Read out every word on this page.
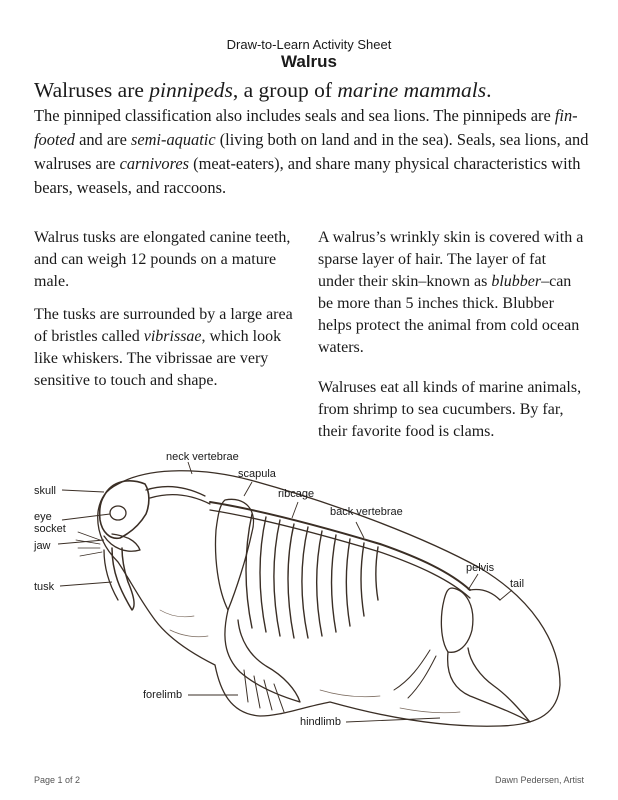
Draw-to-Learn Activity Sheet
Walrus
Walruses are pinnipeds, a group of marine mammals.
The pinniped classification also includes seals and sea lions. The pinnipeds are fin-footed and are semi-aquatic (living both on land and in the sea). Seals, sea lions, and walruses are carnivores (meat-eaters), and share many physical characteristics with bears, weasels, and raccoons.
Walrus tusks are elongated canine teeth, and can weigh 12 pounds on a mature male.
The tusks are surrounded by a large area of bristles called vibrissae, which look like whiskers. The vibrissae are very sensitive to touch and shape.
A walrus’s wrinkly skin is covered with a sparse layer of hair. The layer of fat under their skin–known as blubber–can be more than 5 inches thick. Blubber helps protect the animal from cold ocean waters.
Walruses eat all kinds of marine animals, from shrimp to sea cucumbers. By far, their favorite food is clams.
neck vertebrae
scapula
ribcage
back vertebrae
skull
eye
socket
jaw
tusk
pelvis
tail
forelimb
hindlimb
Page 1 of 2	Dawn Pedersen, Artist
